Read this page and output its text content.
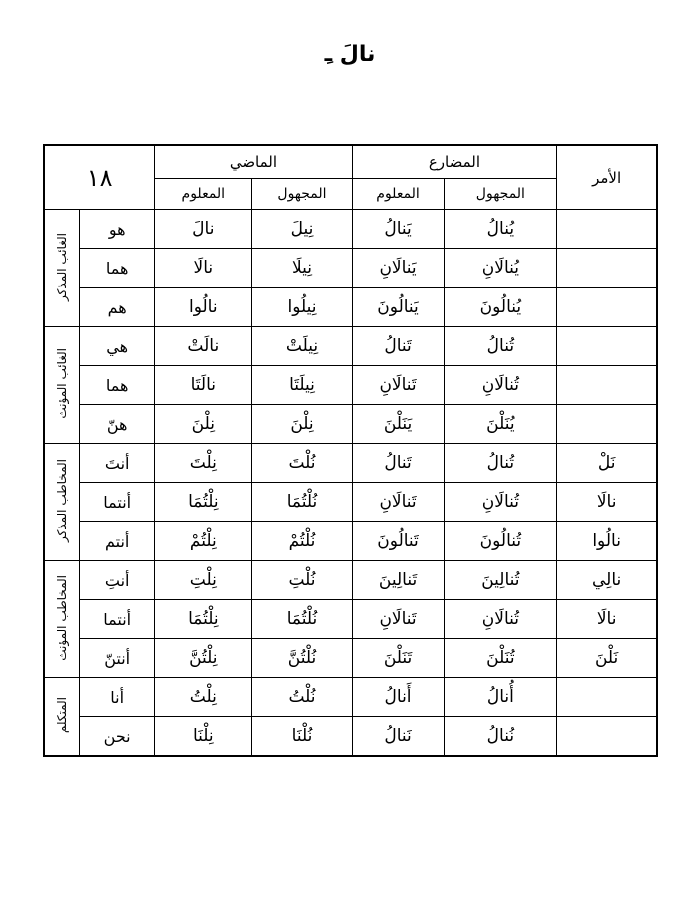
نالَ ـِ
الأمر	المضارع		الماضي		١٨	
	المجهول	المعلوم	المجهول	المعلوم		
	يُنالُ	يَنالُ	نِيلَ	نالَ	هو	الغائب المذكر
	يُنالَانِ	يَنالَانِ	نِيلَا	نالَا	هما	
	يُنالُونَ	يَنالُونَ	نِيلُوا	نالُوا	هم	
	تُنالُ	تَنالُ	نِيلَتْ	نالَتْ	هي	الغائب المؤنث
	تُنالَانِ	تَنالَانِ	نِيلَتَا	نالَتَا	هما	
	يُنَلْنَ	يَنَلْنَ	نِلْنَ	نِلْنَ	هنّ	
نَلْ	تُنالُ	تَنالُ	نُلْتَ	نِلْتَ	أنتَ	المخاطب المذكر
نالَا	تُنالَانِ	تَنالَانِ	نُلْتُمَا	نِلْتُمَا	أنتما	
نالُوا	تُنالُونَ	تَنالُونَ	نُلْتُمْ	نِلْتُمْ	أنتم	
نالِي	تُنالِينَ	تَنالِينَ	نُلْتِ	نِلْتِ	أنتِ	المخاطب المؤنث
نالَا	تُنالَانِ	تَنالَانِ	نُلْتُمَا	نِلْتُمَا	أنتما	
نَلْنَ	تُنَلْنَ	تَنَلْنَ	نُلْتُنَّ	نِلْتُنَّ	أنتنّ	
	أُنالُ	أَنالُ	نُلْتُ	نِلْتُ	أنا	المتكلم
	نُنالُ	نَنالُ	نُلْنَا	نِلْنَا	نحن	
